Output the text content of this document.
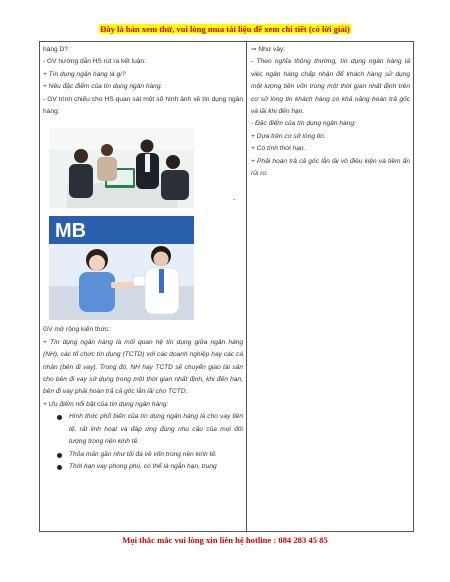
Đây là bản xem thử, vui lòng mua tài liệu để xem chi tiết (có lời giải)

hàng D?

- GV hướng dẫn HS rút ra kết luận:

+ Tín dụng ngân hàng là gì?

+ Nêu đặc điểm của tín dụng ngân hàng.

- GV trình chiếu cho HS quan sát một số hình ảnh về tín dụng ngân hàng:

MB

GV mở rộng kiến thức:

+ Tín dụng ngân hàng là mối quan hệ tín dụng giữa ngân hàng (NH), các tổ chức tín dụng (TCTD) với các doanh nghiệp hay các cá nhân (bên đi vay). Trong đó, NH hay TCTD sẽ chuyển giao tài sản cho bên đi vay sử dụng trong một thời gian nhất định, khi đến hạn, bên đi vay phải hoàn trả cả gốc lẫn lãi cho TCTD.

+ Ưu điểm nổi bật của tín dụng ngân hàng:

Hình thức phổ biến của tín dụng ngân hàng là cho vay tiền tệ, rất linh hoạt và đáp ứng đúng nhu cầu của mọi đối tượng trong nền kinh tế.
Thỏa mãn gần như tối đa về vốn trong nền kinh tế.
Thời hạn vay phong phú, có thể là ngắn hạn, trung
-

⇒ Như vậy:

- Theo nghĩa thông thường, tín dụng ngân hàng là việc ngân hàng chấp nhận để khách hàng sử dụng một lượng tiền vốn trong một thời gian nhất định trên cơ sở lòng tin khách hàng có khả năng hoàn trả gốc và lãi khi đến hạn.

- Đặc điểm của tín dụng ngân hàng:

+ Dựa trên cơ sở lòng tin.

+ Có tính thời hạn.

+ Phải hoàn trả cả gốc lẫn lãi vô điều kiện và tiềm ẩn rủi ro.

Mọi thắc mắc vui lòng xin liên hệ hotline : 084 283 45 85
